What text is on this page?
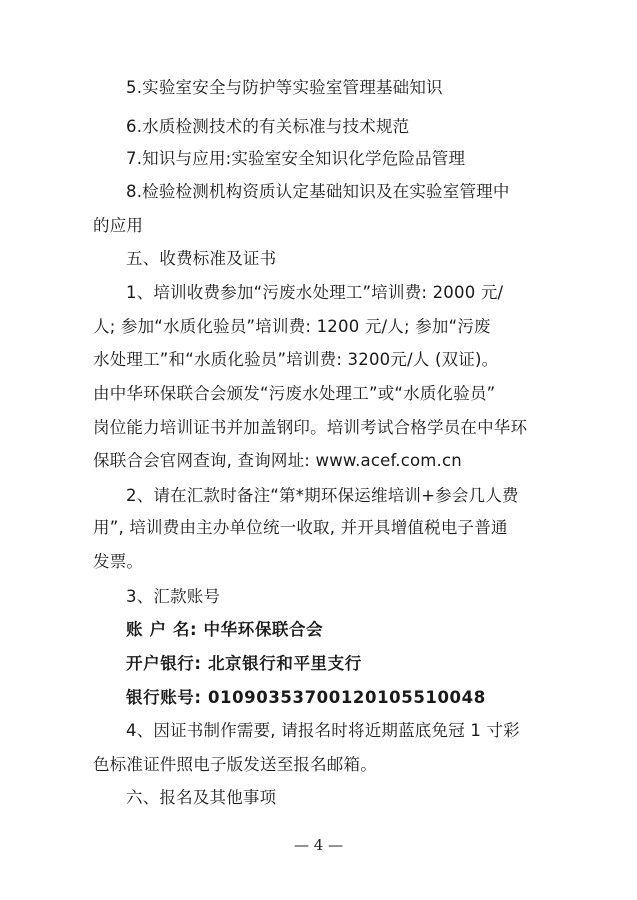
5.实验室安全与防护等实验室管理基础知识
6.水质检测技术的有关标准与技术规范
7.知识与应用:实验室安全知识化学危险品管理
8.检验检测机构资质认定基础知识及在实验室管理中
的应用
五、收费标准及证书
1、培训收费参加“污废水处理工”培训费: 2000 元/
人; 参加“水质化验员”培训费: 1200 元/人; 参加“污废
水处理工”和“水质化验员”培训费: 3200元/人 (双证)。
由中华环保联合会颁发“污废水处理工”或“水质化验员”
岗位能力培训证书并加盖钢印。培训考试合格学员在中华环
保联合会官网查询, 查询网址: www.acef.com.cn
2、请在汇款时备注“第*期环保运维培训+参会几人费
用”, 培训费由主办单位统一收取, 并开具增值税电子普通
发票。
3、汇款账号
账 户 名: 中华环保联合会
开户银行: 北京银行和平里支行
银行账号: 01090353700120105510048
4、因证书制作需要, 请报名时将近期蓝底免冠 1 寸彩
色标准证件照电子版发送至报名邮箱。
六、报名及其他事项
— 4 —
